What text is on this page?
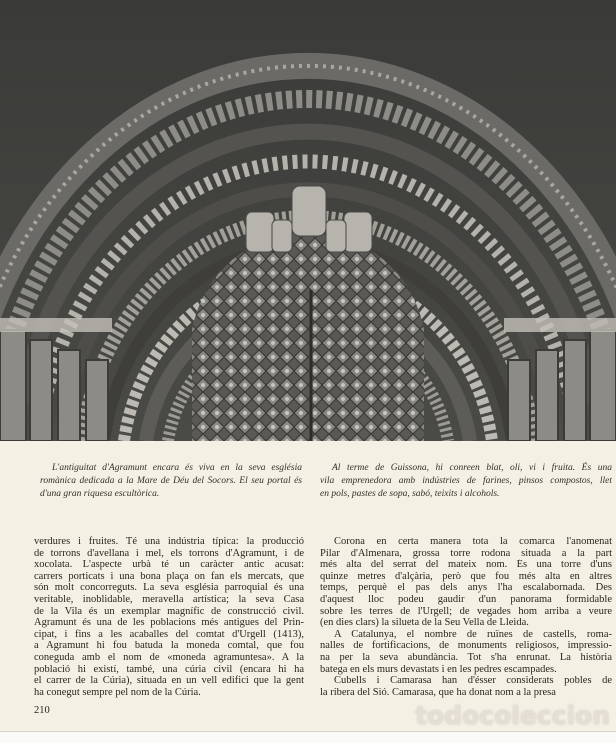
L'antiguitat d'Agramunt encara és viva en la seva església
romànica dedicada a la Mare de Déu del Socors. El seu portal és
d'una gran riquesa escultòrica.
Al terme de Guissona, hi conreen blat, oli, vi i fruita. És una
vila emprenedora amb indústries de farines, pinsos compostos, llet
en pols, pastes de sopa, sabó, teixits i alcohols.
verdures i fruites. Té una indústria típica: la producció
de torrons d'avellana i mel, els torrons d'Agramunt, i de
xocolata. L'aspecte urbà té un caràcter antic acusat:
carrers porticats i una bona plaça on fan els mercats, que
són molt concorreguts. La seva església parroquial és una
veritable, inoblidable, meravella artística; la seva Casa
de la Vila és un exemplar magnífic de construcció civil.
Agramunt és una de les poblacions més antigues del Prin-
cipat, i fins a les acaballes del comtat d'Urgell (1413),
a Agramunt hi fou batuda la moneda comtal, que fou
coneguda amb el nom de «moneda agramuntesa». A la
població hi existí, també, una cúria civil (encara hi ha
el carrer de la Cúria), situada en un vell edifici que la gent
ha conegut sempre pel nom de la Cúria.
Corona en certa manera tota la comarca l'anomenat
Pilar d'Almenara, grossa torre rodona situada a la part
més alta del serrat del mateix nom. És una torre d'uns
quinze metres d'alçària, però que fou més alta en altres
temps, perquè el pas dels anys l'ha escalabornada. Des
d'aquest lloc podeu gaudir d'un panorama formidable
sobre les terres de l'Urgell; de vegades hom arriba a veure
(en dies clars) la silueta de la Seu Vella de Lleida.
A Catalunya, el nombre de ruïnes de castells, roma-
nalles de fortificacions, de monuments religiosos, impressio-
na per la seva abundància. Tot s'ha enrunat. La història
batega en els murs devastats i en les pedres escampades.
Cubells i Camarasa han d'ésser considerats pobles de
la ribera del Sió. Camarasa, que ha donat nom a la presa
210	todocoleccion
